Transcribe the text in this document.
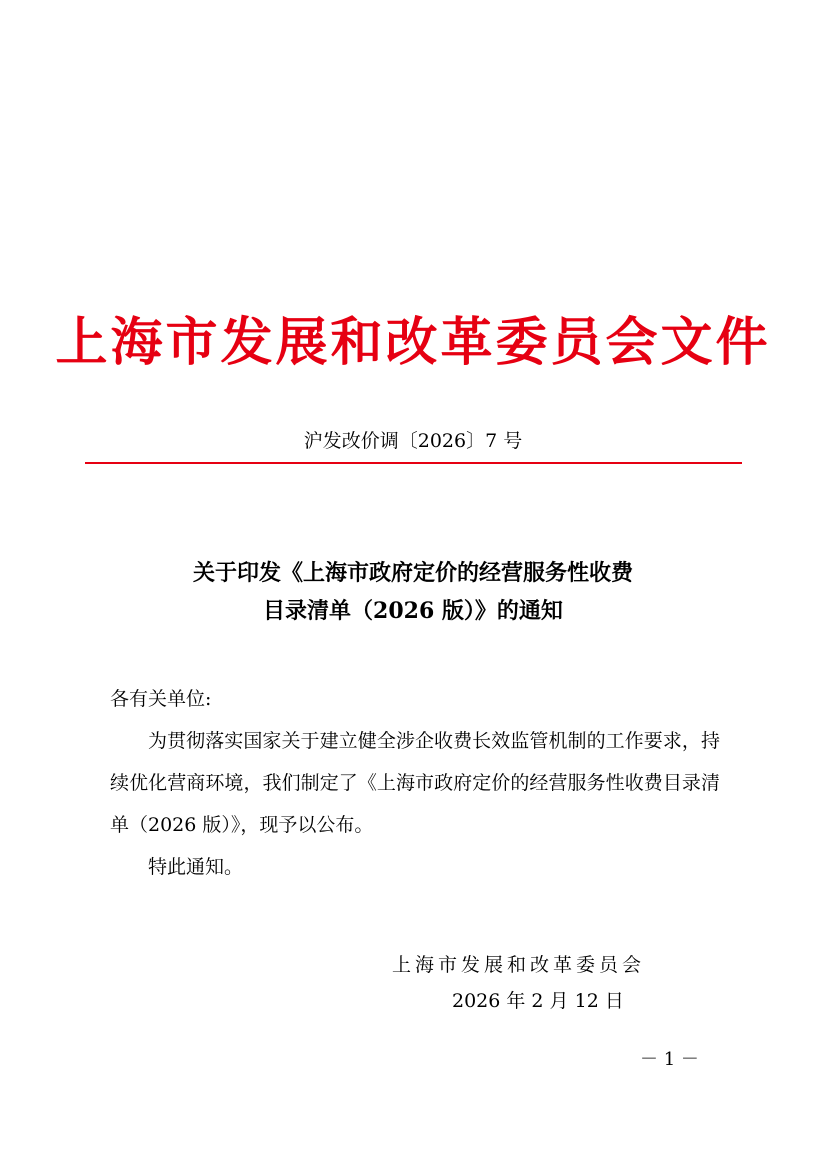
上海市发展和改革委员会文件
沪发改价调〔2026〕7 号
关于印发《上海市政府定价的经营服务性收费
目录清单（2026 版）》的通知
各有关单位:
为贯彻落实国家关于建立健全涉企收费长效监管机制的工作要求，持续优化营商环境，我们制定了《上海市政府定价的经营服务性收费目录清单（2026 版）》，现予以公布。
特此通知。
上海市发展和改革委员会
2026 年 2 月 12 日
－ 1 －
